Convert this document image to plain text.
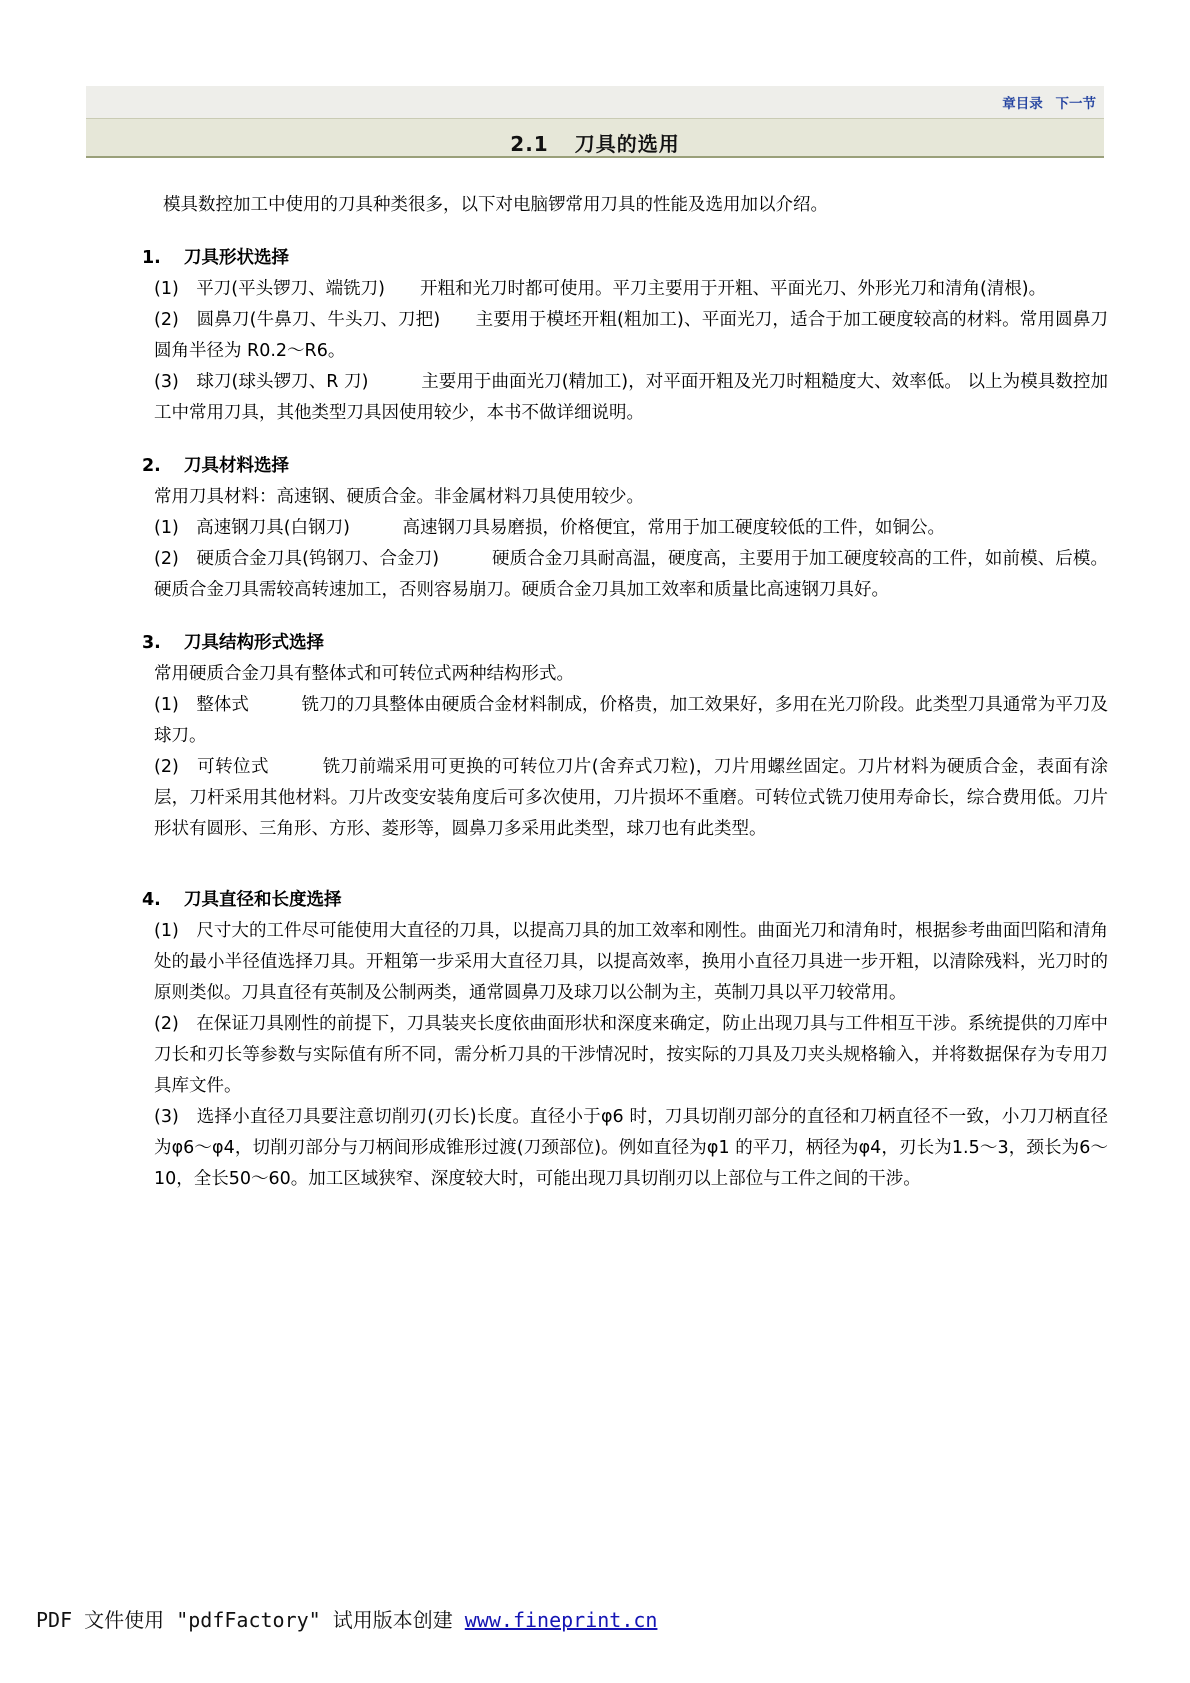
章目录 下一节
2.1 刀具的选用

模具数控加工中使用的刀具种类很多，以下对电脑锣常用刀具的性能及选用加以介绍。

1. 刀具形状选择

(1)　平刀(平头锣刀、端铣刀)　　开粗和光刀时都可使用。平刀主要用于开粗、平面光刀、外形光刀和清角(清根)。

(2)　圆鼻刀(牛鼻刀、牛头刀、刀把)　　主要用于模坯开粗(粗加工)、平面光刀，适合于加工硬度较高的材料。常用圆鼻刀圆角半径为 R0.2～R6。

(3)　球刀(球头锣刀、R 刀)　　　主要用于曲面光刀(精加工)，对平面开粗及光刀时粗糙度大、效率低。 以上为模具数控加工中常用刀具，其他类型刀具因使用较少，本书不做详细说明。

2. 刀具材料选择

常用刀具材料：高速钢、硬质合金。非金属材料刀具使用较少。

(1)　高速钢刀具(白钢刀)　　　高速钢刀具易磨损，价格便宜，常用于加工硬度较低的工件，如铜公。

(2)　硬质合金刀具(钨钢刀、合金刀)　　　硬质合金刀具耐高温，硬度高，主要用于加工硬度较高的工件，如前模、后模。硬质合金刀具需较高转速加工，否则容易崩刀。硬质合金刀具加工效率和质量比高速钢刀具好。

3. 刀具结构形式选择

常用硬质合金刀具有整体式和可转位式两种结构形式。

(1)　整体式　　　铣刀的刀具整体由硬质合金材料制成，价格贵，加工效果好，多用在光刀阶段。此类型刀具通常为平刀及球刀。

(2)　可转位式　　　铣刀前端采用可更换的可转位刀片(舍弃式刀粒)，刀片用螺丝固定。刀片材料为硬质合金，表面有涂层，刀杆采用其他材料。刀片改变安装角度后可多次使用，刀片损坏不重磨。可转位式铣刀使用寿命长，综合费用低。刀片形状有圆形、三角形、方形、菱形等，圆鼻刀多采用此类型，球刀也有此类型。

4. 刀具直径和长度选择

(1)　尺寸大的工件尽可能使用大直径的刀具，以提高刀具的加工效率和刚性。曲面光刀和清角时，根据参考曲面凹陷和清角处的最小半径值选择刀具。开粗第一步采用大直径刀具，以提高效率，换用小直径刀具进一步开粗，以清除残料，光刀时的原则类似。刀具直径有英制及公制两类，通常圆鼻刀及球刀以公制为主，英制刀具以平刀较常用。

(2)　在保证刀具刚性的前提下，刀具装夹长度依曲面形状和深度来确定，防止出现刀具与工件相互干涉。系统提供的刀库中刀长和刃长等参数与实际值有所不同，需分析刀具的干涉情况时，按实际的刀具及刀夹头规格输入，并将数据保存为专用刀具库文件。

(3)　选择小直径刀具要注意切削刃(刃长)长度。直径小于φ6 时，刀具切削刃部分的直径和刀柄直径不一致，小刀刀柄直径为φ6～φ4，切削刃部分与刀柄间形成锥形过渡(刀颈部位)。例如直径为φ1 的平刀，柄径为φ4，刃长为1.5～3，颈长为6～10，全长50～60。加工区域狭窄、深度较大时，可能出现刀具切削刃以上部位与工件之间的干涉。

PDF 文件使用 "pdfFactory" 试用版本创建 www.fineprint.cn
